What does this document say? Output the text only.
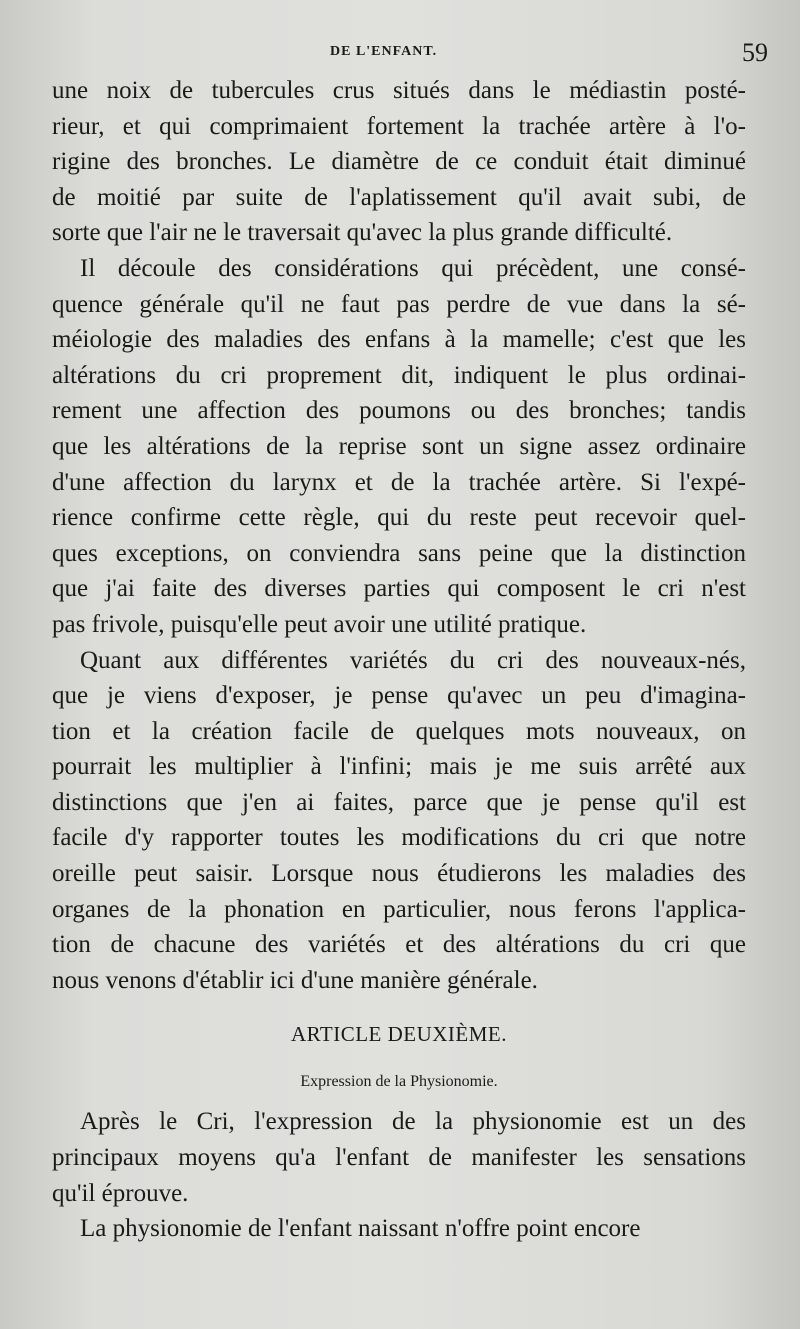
DE L'ENFANT.	59

une noix de tubercules crus situés dans le médiastin posté-
rieur, et qui comprimaient fortement la trachée artère à l'o-
rigine des bronches. Le diamètre de ce conduit était diminué
de moitié par suite de l'aplatissement qu'il avait subi, de
sorte que l'air ne le traversait qu'avec la plus grande difficulté.

Il découle des considérations qui précèdent, une consé-
quence générale qu'il ne faut pas perdre de vue dans la sé-
méiologie des maladies des enfans à la mamelle; c'est que les
altérations du cri proprement dit, indiquent le plus ordinai-
rement une affection des poumons ou des bronches; tandis
que les altérations de la reprise sont un signe assez ordinaire
d'une affection du larynx et de la trachée artère. Si l'expé-
rience confirme cette règle, qui du reste peut recevoir quel-
ques exceptions, on conviendra sans peine que la distinction
que j'ai faite des diverses parties qui composent le cri n'est
pas frivole, puisqu'elle peut avoir une utilité pratique.

Quant aux différentes variétés du cri des nouveaux-nés,
que je viens d'exposer, je pense qu'avec un peu d'imagina-
tion et la création facile de quelques mots nouveaux, on
pourrait les multiplier à l'infini; mais je me suis arrêté aux
distinctions que j'en ai faites, parce que je pense qu'il est
facile d'y rapporter toutes les modifications du cri que notre
oreille peut saisir. Lorsque nous étudierons les maladies des
organes de la phonation en particulier, nous ferons l'applica-
tion de chacune des variétés et des altérations du cri que
nous venons d'établir ici d'une manière générale.

ARTICLE DEUXIÈME.
Expression de la Physionomie.

Après le Cri, l'expression de la physionomie est un des
principaux moyens qu'a l'enfant de manifester les sensations
qu'il éprouve.

La physionomie de l'enfant naissant n'offre point encore
